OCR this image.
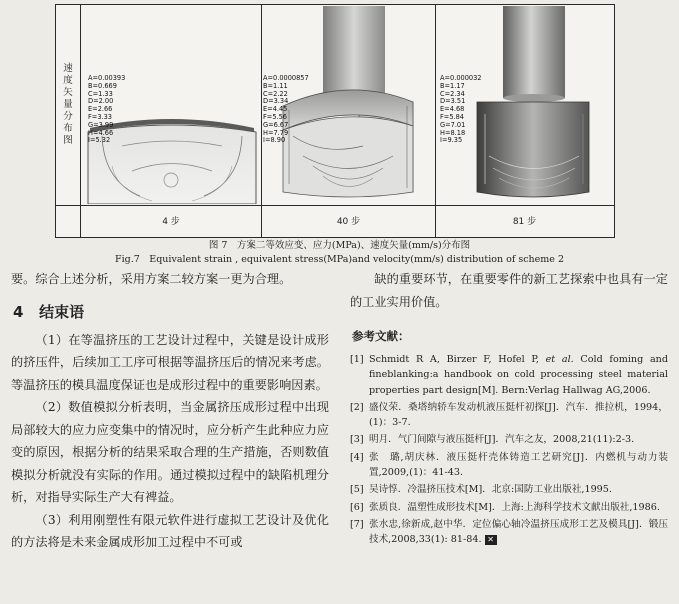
速度矢量分布图
A=0.00393
B=0.669
C=1.33
D=2.00
E=2.66
F=3.33
G=3.99
H=4.66
I=5.32
A=0.0000857
B=1.11
C=2.22
D=3.34
E=4.45
F=5.56
G=6.67
H=7.79
I=8.90
A=0.000032
B=1.17
C=2.34
D=3.51
E=4.68
F=5.84
G=7.01
H=8.18
I=9.35
4 步	40 步	81 步
图 7　方案二等效应变、应力(MPa)、速度矢量(mm/s)分布图
Fig.7　Equivalent strain , equivalent stress(MPa)and velocity(mm/s) distribution of scheme 2

要。综合上述分析，采用方案二较方案一更为合理。

4 结束语

（1）在等温挤压的工艺设计过程中，关键是设计成形的挤压件，后续加工工序可根据等温挤压后的情况来考虑。等温挤压的模具温度保证也是成形过程中的重要影响因素。

（2）数值模拟分析表明，当金属挤压成形过程中出现局部较大的应力应变集中的情况时，应分析产生此种应力应变的原因，根据分析的结果采取合理的生产措施，否则数值模拟分析就没有实际的作用。通过模拟过程中的缺陷机理分析，对指导实际生产大有裨益。

（3）利用刚塑性有限元软件进行虚拟工艺设计及优化的方法将是未来金属成形加工过程中不可或

缺的重要环节，在重要零件的新工艺探索中也具有一定的工业实用价值。

参考文献：
[1] Schmidt R A, Birzer F, Hofel P, et al. Cold foming and fineblanking:a handbook on cold processing steel material properties part design[M]. Bern:Verlag Hallwag AG,2006.
[2] 盛仪荣．桑塔纳轿车发动机液压挺杆初探[J]．汽车．推拉机，1994，(1)：3-7.
[3] 明月．气门间隙与液压挺杆[J]．汽车之友，2008,21(11):2-3.
[4] 张　璐,胡庆林．液压挺杆壳体铸造工艺研究[J]．内燃机与动力装置,2009,(1)：41-43.
[5] 吴诗惇．冷温挤压技术[M]．北京:国防工业出版社,1995.
[6] 张质良．温塑性成形技术[M]．上海:上海科学技术文献出版社,1986.
[7] 张水忠,徐新成,赵中华．定位偏心轴冷温挤压成形工艺及模具[J]．锻压技术,2008,33(1): 81-84. ✕
